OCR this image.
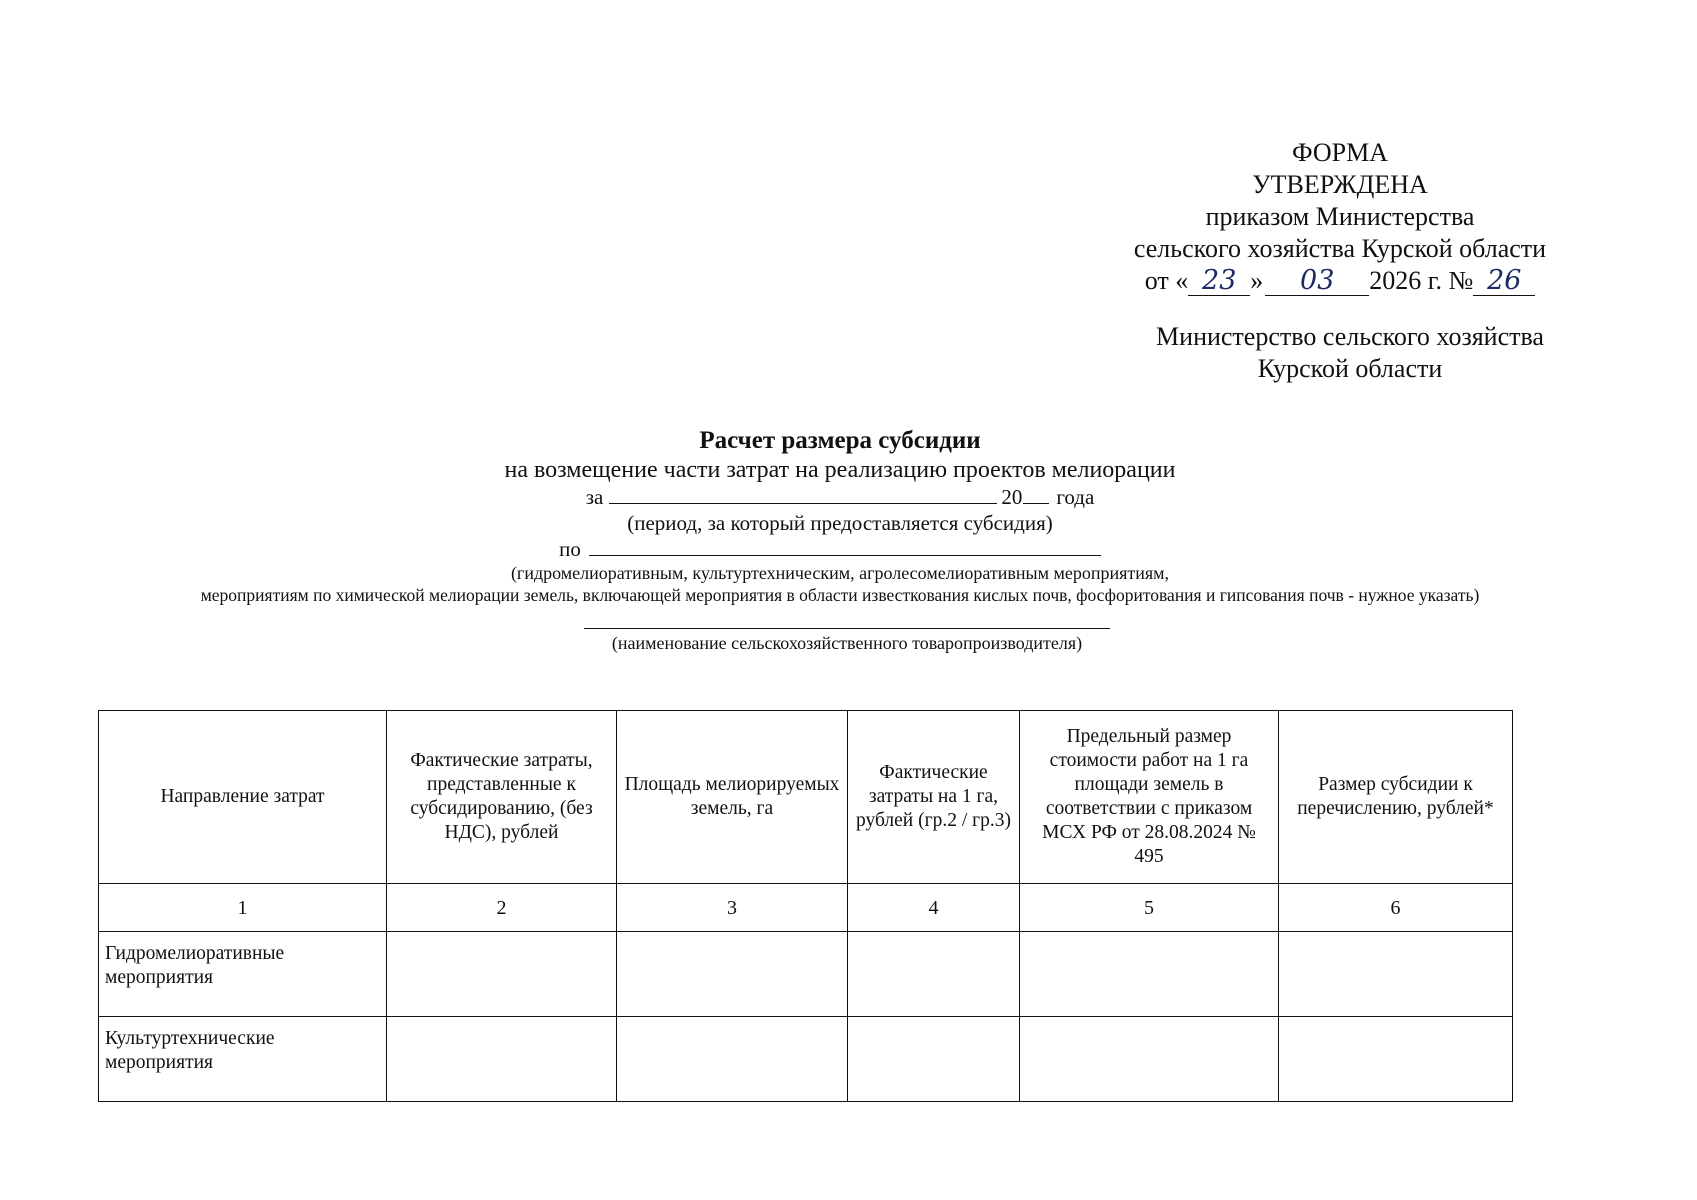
ФОРМА
УТВЕРЖДЕНА
приказом Министерства
сельского хозяйства Курской области
от « 23 » 03 2026 г. № 26
Министерство сельского хозяйства
Курской области
Расчет размера субсидии
на возмещение части затрат на реализацию проектов мелиорации
за	20 года
(период, за который предоставляется субсидия)
по
(гидромелиоративным, культуртехническим, агролесомелиоративным мероприятиям,
мероприятиям по химической мелиорации земель, включающей мероприятия в области известкования кислых почв, фосфоритования и гипсования почв - нужное указать)
(наименование сельскохозяйственного товаропроизводителя)
Направление затрат	Фактические затраты, представленные к субсидированию, (без НДС), рублей	Площадь мелиорируемых земель, га	Фактические затраты на 1 га, рублей (гр.2 / гр.3)	Предельный размер стоимости работ на 1 га площади земель в соответствии с приказом МСХ РФ от 28.08.2024 № 495	Размер субсидии к перечислению, рублей*
1	2	3	4	5	6
Гидромелиоративные мероприятия					
Культуртехнические мероприятия					
